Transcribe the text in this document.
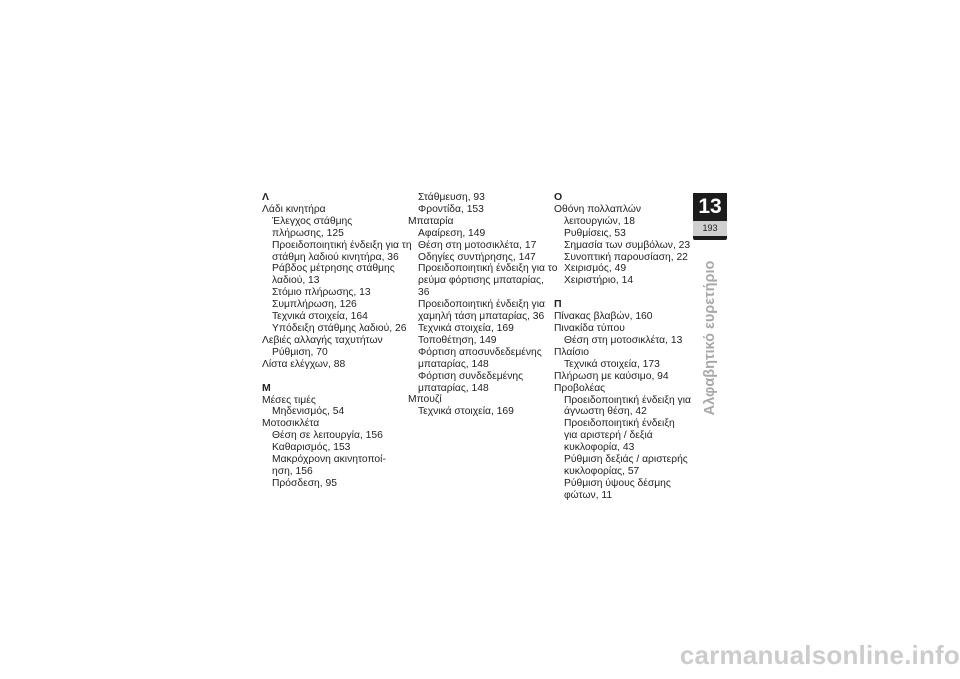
Λ
Λάδι κινητήρα
Έλεγχος στάθμης
πλήρωσης, 125
Προειδοποιητική ένδειξη για τη
στάθμη λαδιού κινητήρα, 36
Ράβδος μέτρησης στάθμης
λαδιού, 13
Στόμιο πλήρωσης, 13
Συμπλήρωση, 126
Τεχνικά στοιχεία, 164
Υπόδειξη στάθμης λαδιού, 26
Λεβιές αλλαγής ταχυτήτων
Ρύθμιση, 70
Λίστα ελέγχων, 88
Μ
Μέσες τιμές
Μηδενισμός, 54
Μοτοσικλέτα
Θέση σε λειτουργία, 156
Καθαρισμός, 153
Μακρόχρονη ακινητοποί-
ηση, 156
Πρόσδεση, 95
Στάθμευση, 93
Φροντίδα, 153
Μπαταρία
Αφαίρεση, 149
Θέση στη μοτοσικλέτα, 17
Οδηγίες συντήρησης, 147
Προειδοποιητική ένδειξη για το
ρεύμα φόρτισης μπαταρίας, 36
Προειδοποιητική ένδειξη για
χαμηλή τάση μπαταρίας, 36
Τεχνικά στοιχεία, 169
Τοποθέτηση, 149
Φόρτιση αποσυνδεδεμένης
μπαταρίας, 148
Φόρτιση συνδεδεμένης
μπαταρίας, 148
Μπουζί
Τεχνικά στοιχεία, 169
Ο
Οθόνη πολλαπλών
λειτουργιών, 18
Ρυθμίσεις, 53
Σημασία των συμβόλων, 23
Συνοπτική παρουσίαση, 22
Χειρισμός, 49
Χειριστήριο, 14
Π
Πίνακας βλαβών, 160
Πινακίδα τύπου
Θέση στη μοτοσικλέτα, 13
Πλαίσιο
Τεχνικά στοιχεία, 173
Πλήρωση με καύσιμο, 94
Προβολέας
Προειδοποιητική ένδειξη για
άγνωστη θέση, 42
Προειδοποιητική ένδειξη
για αριστερή / δεξιά
κυκλοφορία, 43
Ρύθμιση δεξιάς / αριστερής
κυκλοφορίας, 57
Ρύθμιση ύψους δέσμης
φώτων, 11
13
193
Αλφαβητικό ευρετήριο
carmanualsonline.info
